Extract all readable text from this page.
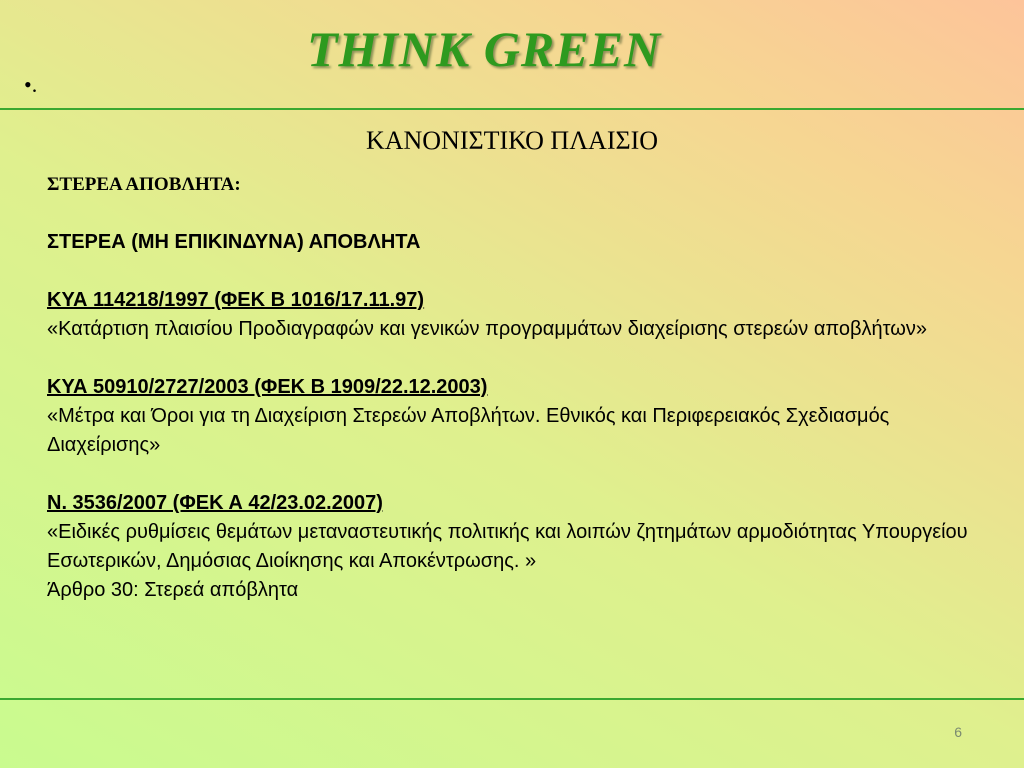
THINK GREEN
•.
ΚΑΝΟΝΙΣΤΙΚΟ ΠΛΑΙΣΙΟ
ΣΤΕΡΕΑ ΑΠΟΒΛΗΤΑ:
ΣΤΕΡΕΑ (ΜΗ ΕΠΙΚΙΝΔΥΝΑ) ΑΠΟΒΛΗΤΑ
ΚΥΑ 114218/1997 (ΦΕΚ Β 1016/17.11.97)
«Κατάρτιση πλαισίου Προδιαγραφών και γενικών προγραμμάτων διαχείρισης στερεών αποβλήτων»
ΚΥΑ 50910/2727/2003 (ΦΕΚ Β 1909/22.12.2003)
«Μέτρα και Όροι για τη Διαχείριση Στερεών Αποβλήτων. Εθνικός και Περιφερειακός Σχεδιασμός Διαχείρισης»
Ν. 3536/2007 (ΦΕΚ Α 42/23.02.2007)
«Ειδικές ρυθμίσεις θεμάτων μεταναστευτικής πολιτικής και λοιπών ζητημάτων αρμοδιότητας Υπουργείου Εσωτερικών, Δημόσιας Διοίκησης και Αποκέντρωσης. »
Άρθρο 30: Στερεά απόβλητα
6
